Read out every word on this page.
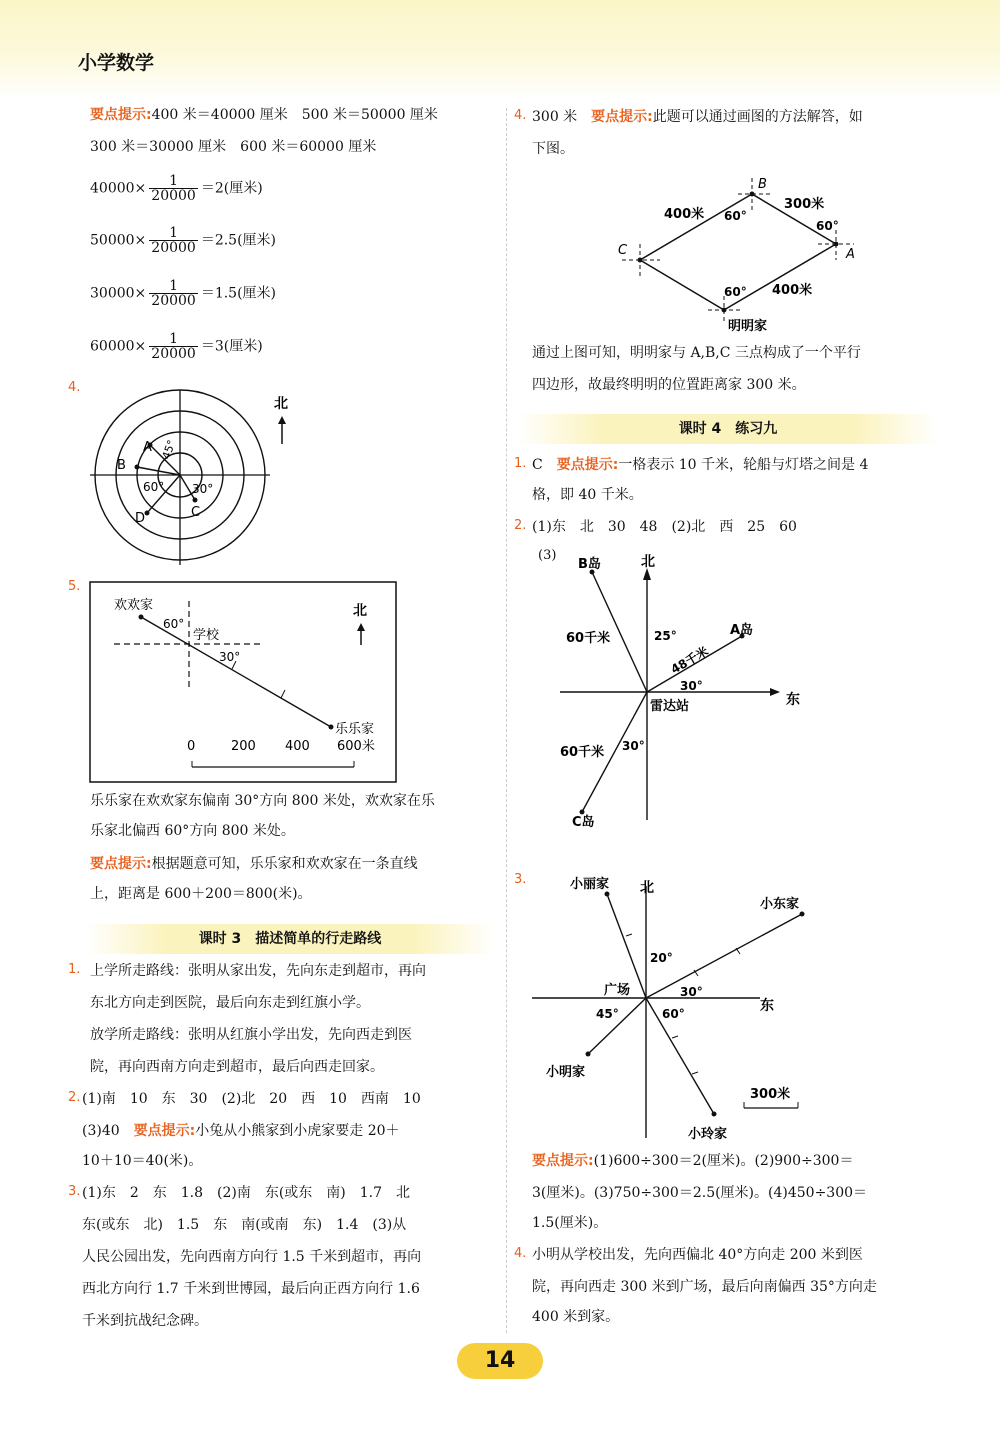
小学数学
要点提示:400 米＝40000 厘米　500 米＝50000 厘米
300 米＝30000 厘米　600 米＝60000 厘米
$40000\times \frac{1}{20000} =2$(厘米)
$50000\times \frac{1}{20000} =2.5$(厘米)
$30000\times \frac{1}{20000} =1.5$(厘米)
$60000\times \frac{1}{20000} =3$(厘米)
4.
A
B
C
D
45°
60° 30°
北
5.
欢欢家
学校
乐乐家
60°
30°
北
0	200 400 600米
乐乐家在欢欢家东偏南 30°方向 800 米处，欢欢家在乐
乐家北偏西 60°方向 800 米处。
要点提示:根据题意可知，乐乐家和欢欢家在一条直线
上，距离是 600＋200＝800(米)。
课时 3　描述简单的行走路线
1. 上学所走路线：张明从家出发，先向东走到超市，再向
东北方向走到医院，最后向东走到红旗小学。
放学所走路线：张明从红旗小学出发，先向西走到医
院，再向西南方向走到超市，最后向西走回家。
2. (1)南　10　东　30　(2)北　20　西　10　西南　10
(3)40　要点提示:小兔从小熊家到小虎家要走 20＋
10＋10＝40(米)。
3. (1)东　2　东　1.8　(2)南　东(或东　南)　1.7　北
东(或东　北)　1.5　东　南(或南　东)　1.4　(3)从
人民公园出发，先向西南方向行 1.5 千米到超市，再向
西北方向行 1.7 千米到世博园，最后向正西方向行 1.6
千米到抗战纪念碑。
4. 300 米　要点提示:此题可以通过画图的方法解答，如
下图。
B
C	A
明明家
400米
300米
400米
60°
60°
60°
通过上图可知，明明家与 A,B,C 三点构成了一个平行
四边形，故最终明明的位置距离家 300 米。
课时 4　练习九
1. C　要点提示:一格表示 10 千米，轮船与灯塔之间是 4
格，即 40 千米。
2. (1)东　北　30　48　(2)北　西　25　60
(3)
B岛	北
A岛
60千米	25°
48千米
30°
东
雷达站
60千米 30°
C岛
3.	小丽家 北
小东家
20°
广场	30°
东
45°	60°
小明家
300米
小玲家
要点提示:(1)600÷300＝2(厘米)。(2)900÷300＝
3(厘米)。(3)750÷300＝2.5(厘米)。(4)450÷300＝
1.5(厘米)。
4. 小明从学校出发，先向西偏北 40°方向走 200 米到医
院，再向西走 300 米到广场，最后向南偏西 35°方向走
400 米到家。
14
